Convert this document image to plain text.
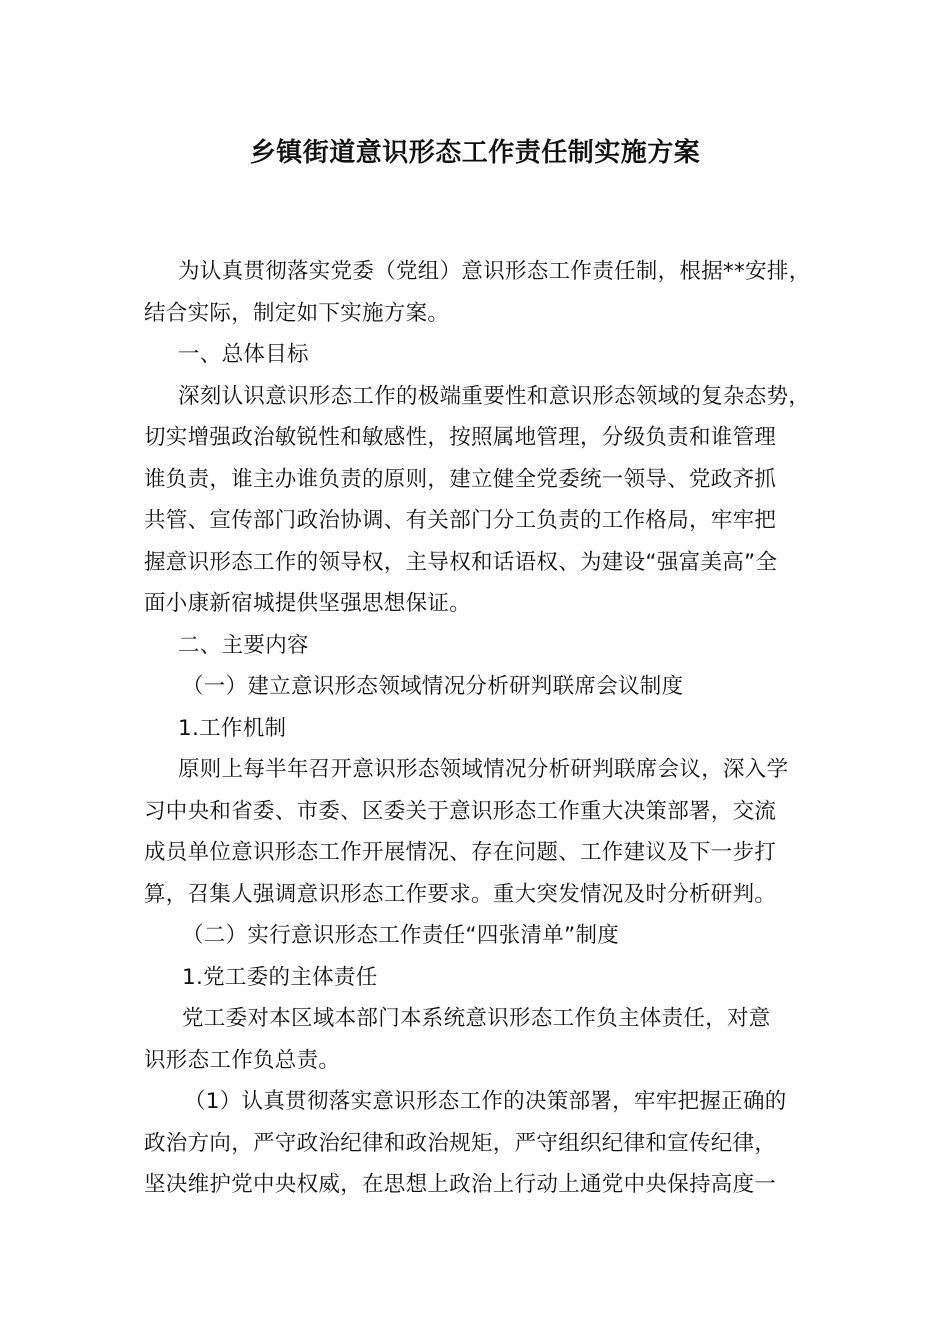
乡镇街道意识形态工作责任制实施方案
为认真贯彻落实党委（党组）意识形态工作责任制，根据**安排，
结合实际，制定如下实施方案。
一、总体目标
深刻认识意识形态工作的极端重要性和意识形态领域的复杂态势，
切实增强政治敏锐性和敏感性，按照属地管理，分级负责和谁管理
谁负责，谁主办谁负责的原则，建立健全党委统一领导、党政齐抓
共管、宣传部门政治协调、有关部门分工负责的工作格局，牢牢把
握意识形态工作的领导权，主导权和话语权、为建设“强富美高”全
面小康新宿城提供坚强思想保证。
二、主要内容
（一）建立意识形态领域情况分析研判联席会议制度
1.工作机制
原则上每半年召开意识形态领域情况分析研判联席会议，深入学
习中央和省委、市委、区委关于意识形态工作重大决策部署，交流
成员单位意识形态工作开展情况、存在问题、工作建议及下一步打
算，召集人强调意识形态工作要求。重大突发情况及时分析研判。
（二）实行意识形态工作责任“四张清单”制度
1.党工委的主体责任
党工委对本区域本部门本系统意识形态工作负主体责任，对意
识形态工作负总责。
（1）认真贯彻落实意识形态工作的决策部署，牢牢把握正确的
政治方向，严守政治纪律和政治规矩，严守组织纪律和宣传纪律，
坚决维护党中央权威，在思想上政治上行动上通党中央保持高度一
